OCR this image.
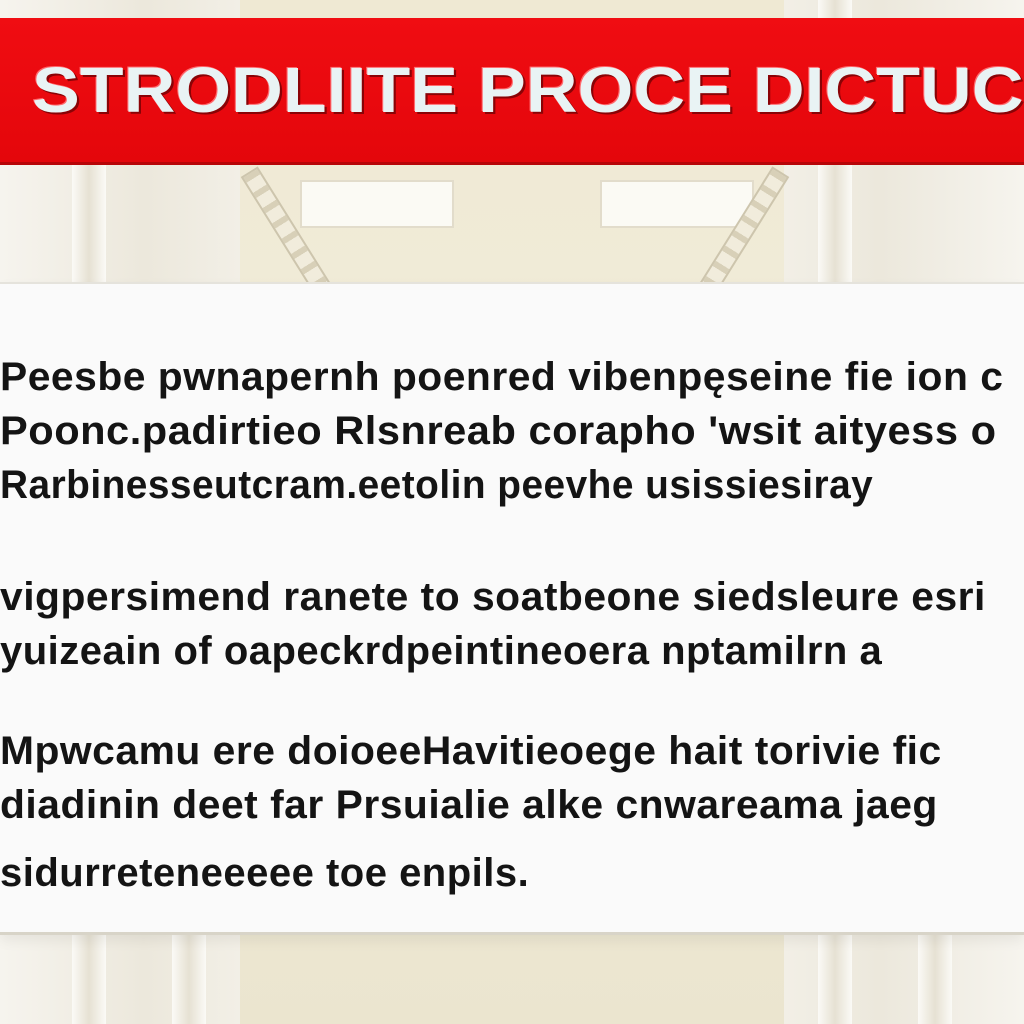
STRODLIITE PROCE DICTUC
Peesbe pwnapernh poenred vibenpęseine fie ion c
Poonc.padirtieo Rlsnreab corapho 'wsit aityess o
Rarbinesseutcram.eetolin peevhe usissiesiray
vigpersimend ranete to soatbeone siedsleure esri
yuizeain of oapeckrdpeintineoera nptamilrn a
Mpwcamu ere doioeeHavitieoege hait torivie fic
diadinin deet far Prsuialie alke cnwareama jaeg
sidurreteneeeee toe enpils.
